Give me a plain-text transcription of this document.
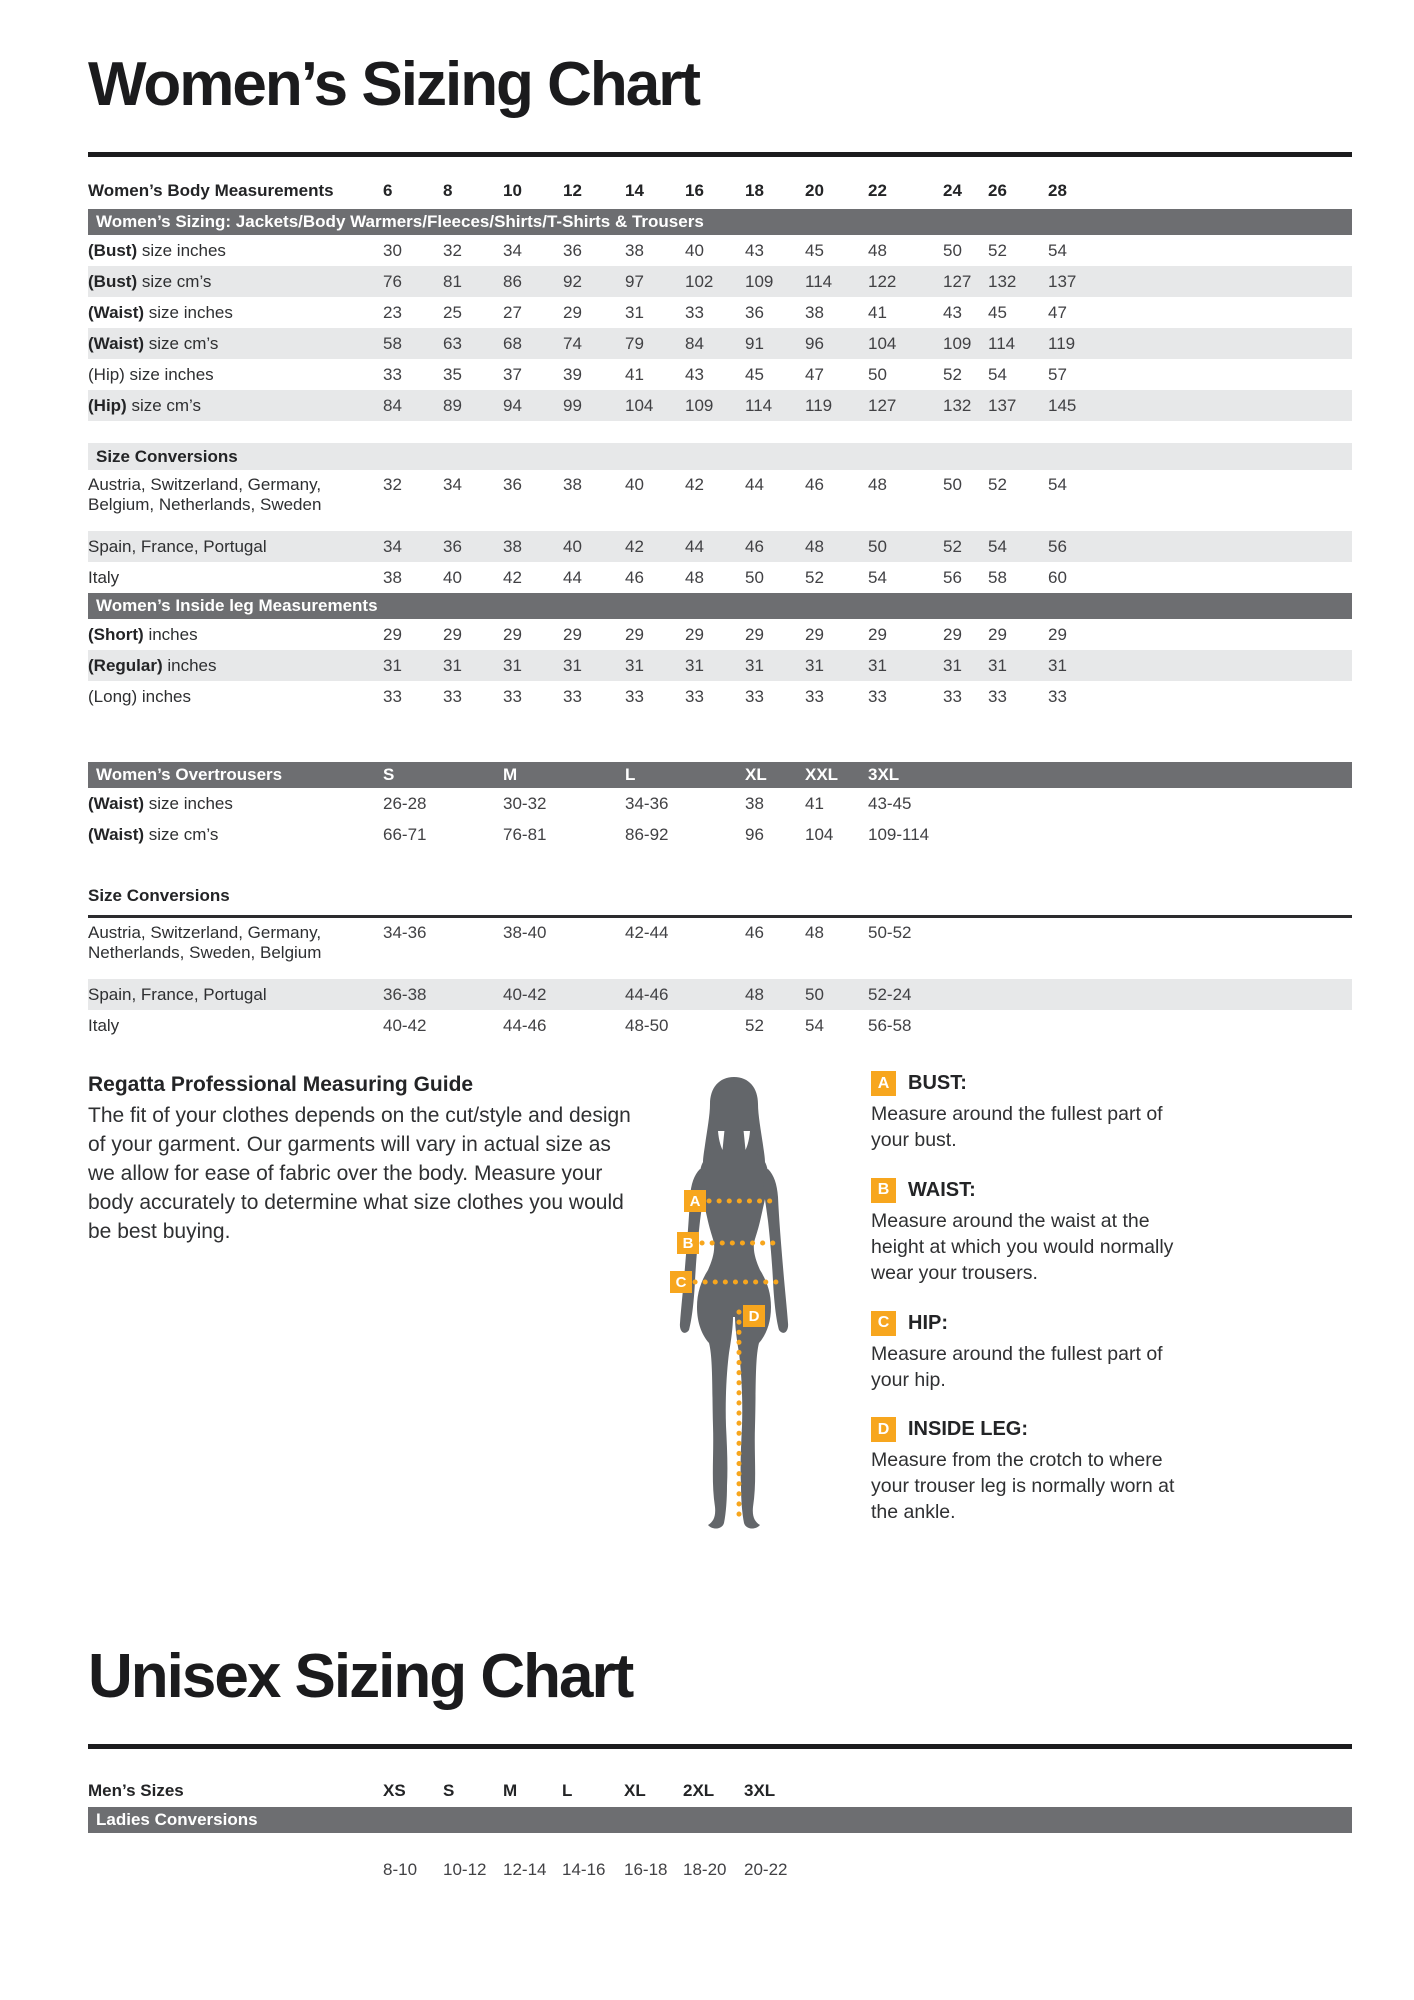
Women’s Sizing Chart
Women’s Body Measurements	6	8	10	12	14	16	18	20	22	24	26	28
Women’s Sizing: Jackets/Body Warmers/Fleeces/Shirts/T-Shirts & Trousers												
(Bust) size inches	30	32	34	36	38	40	43	45	48	50	52	54
(Bust) size cm’s	76	81	86	92	97	102	109	114	122	127	132	137
(Waist) size inches	23	25	27	29	31	33	36	38	41	43	45	47
(Waist) size cm’s	58	63	68	74	79	84	91	96	104	109	114	119
(Hip) size inches	33	35	37	39	41	43	45	47	50	52	54	57
(Hip) size cm’s	84	89	94	99	104	109	114	119	127	132	137	145

Size Conversions												
Austria, Switzerland, Germany, Belgium, Netherlands, Sweden	32	34	36	38	40	42	44	46	48	50	52	54
Spain, France, Portugal	34	36	38	40	42	44	46	48	50	52	54	56
Italy	38	40	42	44	46	48	50	52	54	56	58	60
Women’s Inside leg Measurements												
(Short) inches	29	29	29	29	29	29	29	29	29	29	29	29
(Regular) inches	31	31	31	31	31	31	31	31	31	31	31	31
(Long) inches	33	33	33	33	33	33	33	33	33	33	33	33
Women’s Overtrousers	S	M	L	XL	XXL	3XL
(Waist) size inches	26-28	30-32	34-36	38	41	43-45
(Waist) size cm’s	66-71	76-81	86-92	96	104	109-114

Size Conversions						
Austria, Switzerland, Germany, Netherlands, Sweden, Belgium	34-36	38-40	42-44	46	48	50-52
Spain, France, Portugal	36-38	40-42	44-46	48	50	52-24
Italy	40-42	44-46	48-50	52	54	56-58
Regatta Professional Measuring Guide
The fit of your clothes depends on the cut/style and design of your garment. Our garments will vary in actual size as we allow for ease of fabric over the body. Measure your body accurately to determine what size clothes you would be best buying.
A
B
C
D
A BUST:
Measure around the fullest part of your bust.
B WAIST:
Measure around the waist at the height at which you would normally wear your trousers.
C HIP:
Measure around the fullest part of your hip.
D INSIDE LEG:
Measure from the crotch to where your trouser leg is normally worn at the ankle.
Unisex Sizing Chart
Men’s Sizes	XS	S	M	L	XL	2XL	3XL	
Ladies Conversions								
	8-10	10-12	12-14	14-16	16-18	18-20	20-22	
